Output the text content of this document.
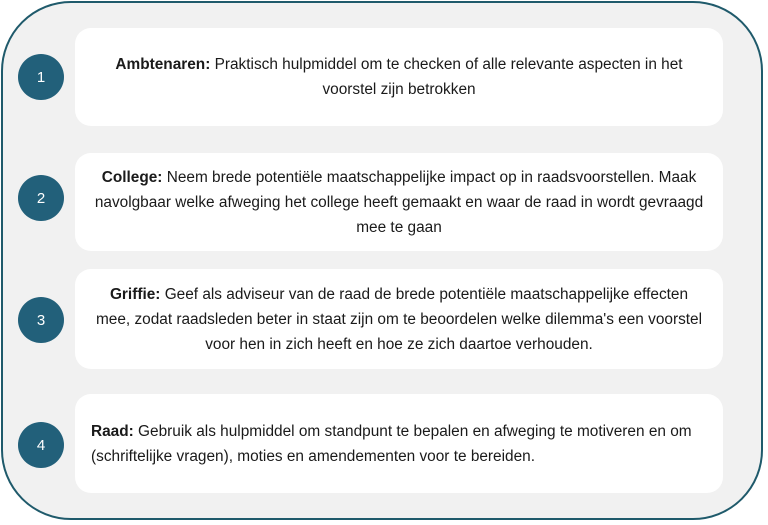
1
Ambtenaren: Praktisch hulpmiddel om te checken of alle relevante aspecten in het voorstel zijn betrokken
2
College: Neem brede potentiële maatschappelijke impact op in raadsvoorstellen. Maak navolgbaar welke afweging het college heeft gemaakt en waar de raad in wordt gevraagd mee te gaan
3
Griffie: Geef als adviseur van de raad de brede potentiële maatschappelijke effecten mee, zodat raadsleden beter in staat zijn om te beoordelen welke dilemma's een voorstel voor hen in zich heeft en hoe ze zich daartoe verhouden.
4
Raad: Gebruik als hulpmiddel om standpunt te bepalen en afweging te motiveren en om (schriftelijke vragen), moties en amendementen voor te bereiden.
